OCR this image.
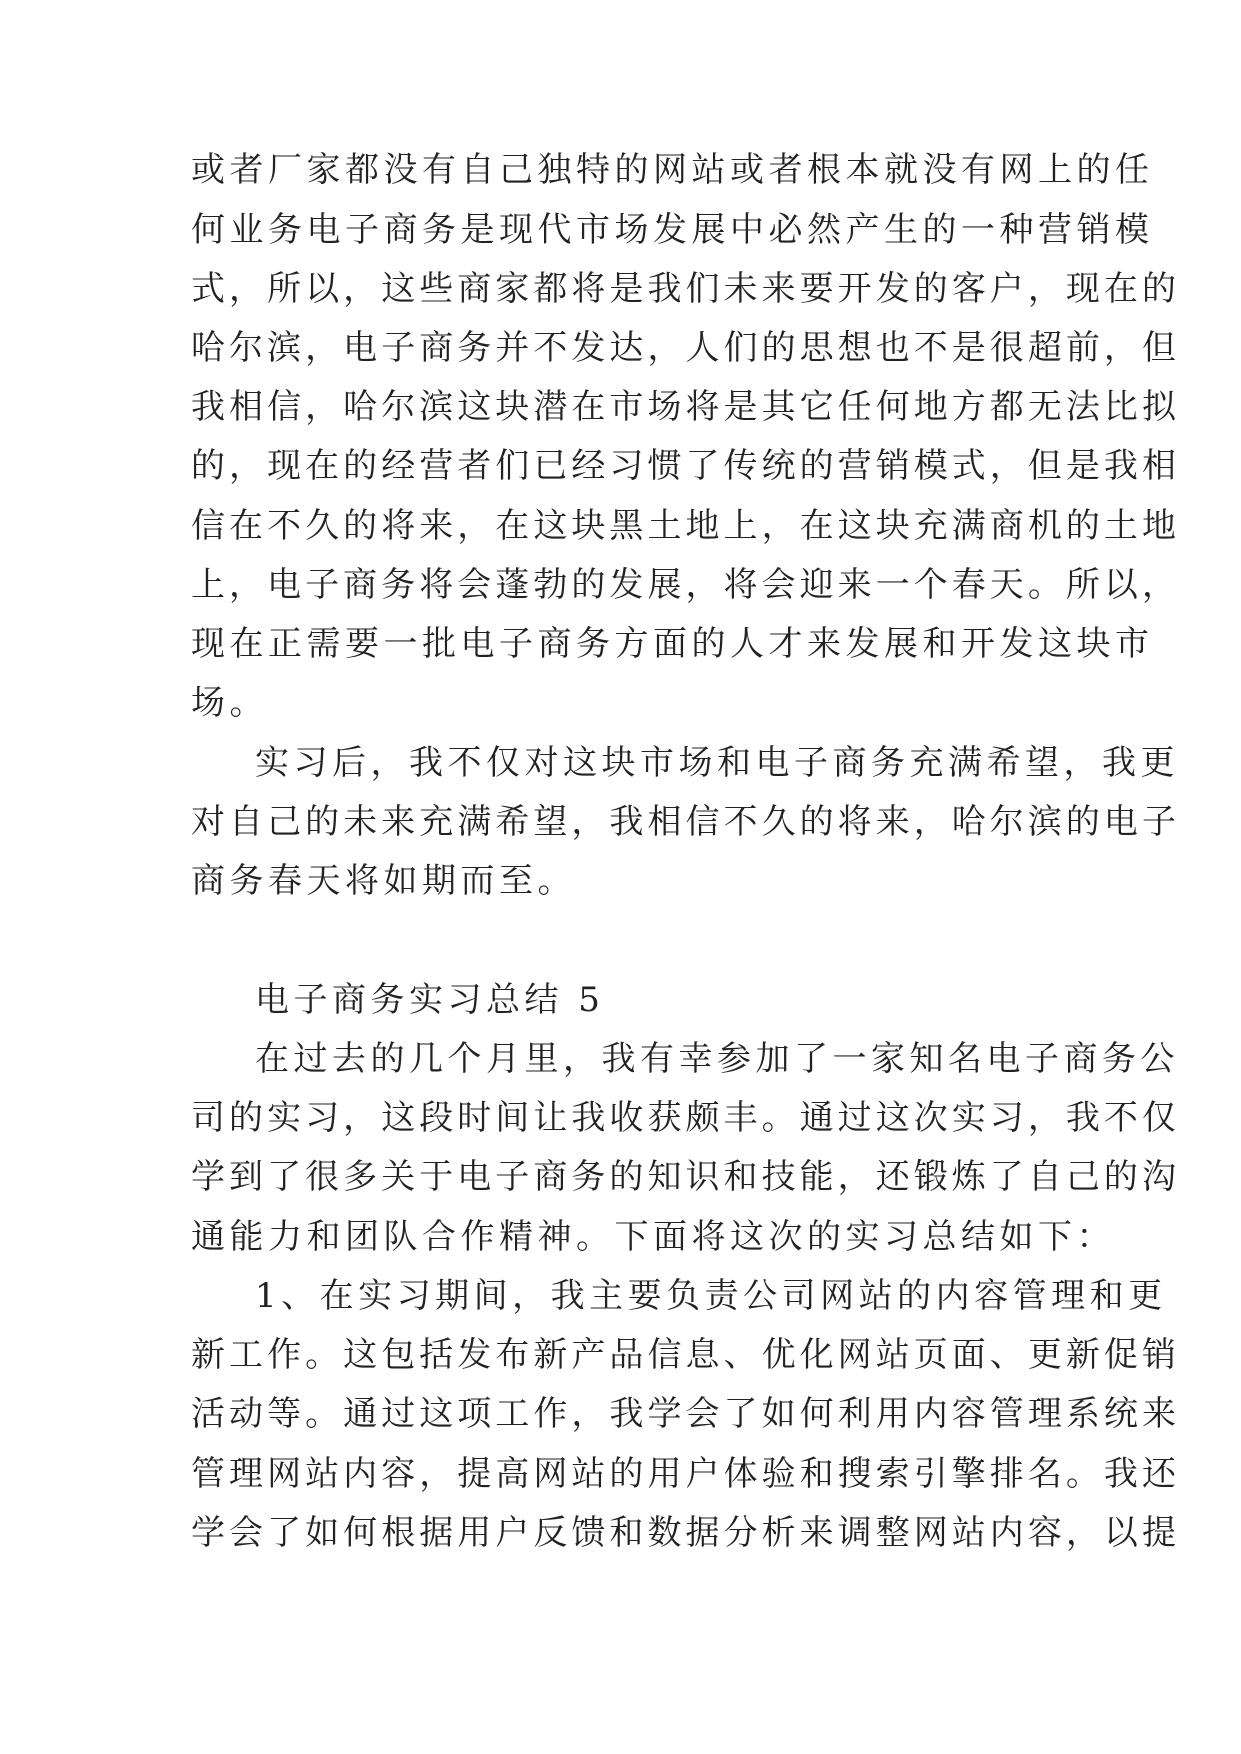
或者厂家都没有自己独特的网站或者根本就没有网上的任
何业务电子商务是现代市场发展中必然产生的一种营销模
式，所以，这些商家都将是我们未来要开发的客户，现在的
哈尔滨，电子商务并不发达，人们的思想也不是很超前，但
我相信，哈尔滨这块潜在市场将是其它任何地方都无法比拟
的，现在的经营者们已经习惯了传统的营销模式，但是我相
信在不久的将来，在这块黑土地上，在这块充满商机的土地
上，电子商务将会蓬勃的发展，将会迎来一个春天。所以，
现在正需要一批电子商务方面的人才来发展和开发这块市
场。
实习后，我不仅对这块市场和电子商务充满希望，我更
对自己的未来充满希望，我相信不久的将来，哈尔滨的电子
商务春天将如期而至。
电子商务实习总结 5
在过去的几个月里，我有幸参加了一家知名电子商务公
司的实习，这段时间让我收获颇丰。通过这次实习，我不仅
学到了很多关于电子商务的知识和技能，还锻炼了自己的沟
通能力和团队合作精神。下面将这次的实习总结如下：
1、在实习期间，我主要负责公司网站的内容管理和更
新工作。这包括发布新产品信息、优化网站页面、更新促销
活动等。通过这项工作，我学会了如何利用内容管理系统来
管理网站内容，提高网站的用户体验和搜索引擎排名。我还
学会了如何根据用户反馈和数据分析来调整网站内容，以提
